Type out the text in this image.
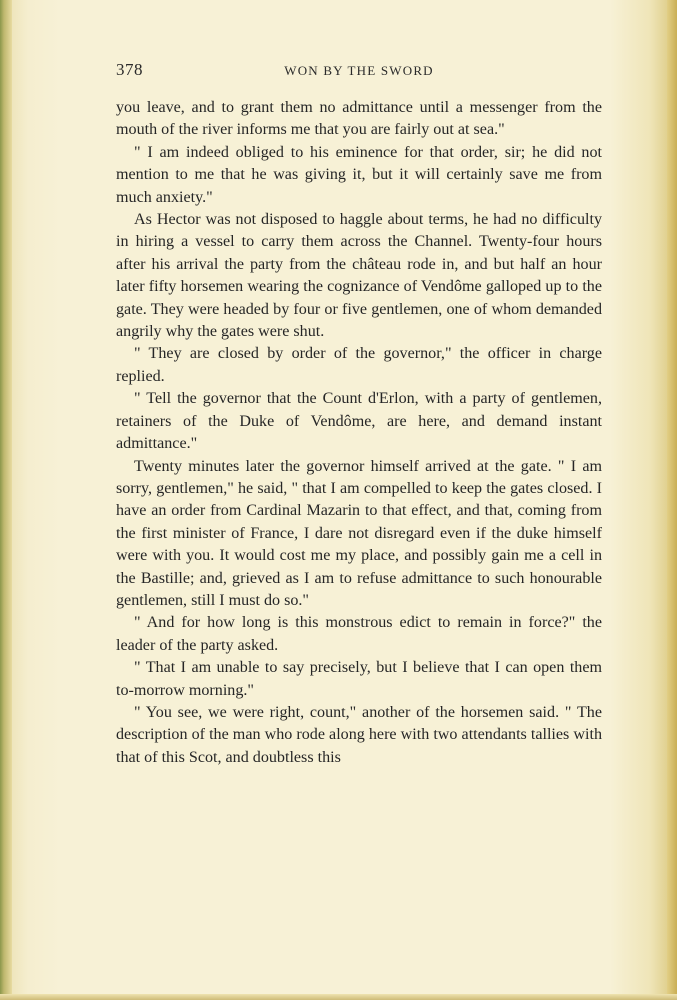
378	WON BY THE SWORD

you leave, and to grant them no admittance until a messenger from the mouth of the river informs me that you are fairly out at sea."

" I am indeed obliged to his eminence for that order, sir; he did not mention to me that he was giving it, but it will certainly save me from much anxiety."

As Hector was not disposed to haggle about terms, he had no difficulty in hiring a vessel to carry them across the Channel. Twenty-four hours after his arrival the party from the château rode in, and but half an hour later fifty horsemen wearing the cognizance of Vendôme galloped up to the gate. They were headed by four or five gentlemen, one of whom demanded angrily why the gates were shut.

" They are closed by order of the governor," the officer in charge replied.

" Tell the governor that the Count d'Erlon, with a party of gentlemen, retainers of the Duke of Vendôme, are here, and demand instant admittance."

Twenty minutes later the governor himself arrived at the gate. " I am sorry, gentlemen," he said, " that I am compelled to keep the gates closed. I have an order from Cardinal Mazarin to that effect, and that, coming from the first minister of France, I dare not disregard even if the duke himself were with you. It would cost me my place, and possibly gain me a cell in the Bastille; and, grieved as I am to refuse admittance to such honourable gentlemen, still I must do so."

" And for how long is this monstrous edict to remain in force?" the leader of the party asked.

" That I am unable to say precisely, but I believe that I can open them to-morrow morning."

" You see, we were right, count," another of the horsemen said. " The description of the man who rode along here with two attendants tallies with that of this Scot, and doubtless this
